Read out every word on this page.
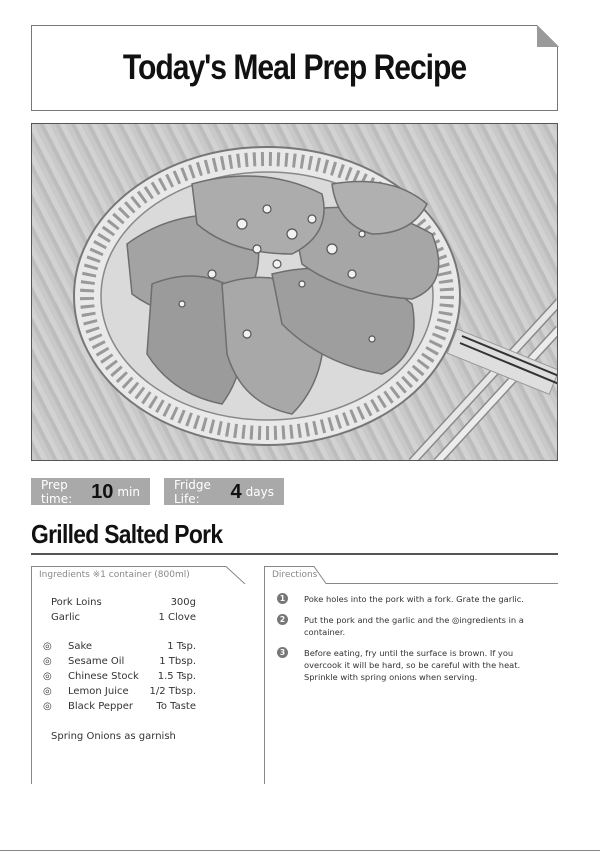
Today's Meal Prep Recipe
Prep time: 10 min	Fridge Life:	4 days
Grilled Salted Pork
Ingredients ※1 container (800ml)
Pork Loins	300g
Garlic	1 Clove
◎ Sake	1 Tsp.
◎ Sesame Oil	1 Tbsp.
◎ Chinese Stock 1.5 Tsp.
◎ Lemon Juice 1/2 Tbsp.
◎ Black Pepper To Taste
Spring Onions as garnish
Directions
1	Poke holes into the pork with a fork. Grate the garlic.
2	Put the pork and the garlic and the ◎ingredients in a container.
3	Before eating, fry until the surface is brown. If you overcook it will be hard, so be careful with the heat. Sprinkle with spring onions when serving.
